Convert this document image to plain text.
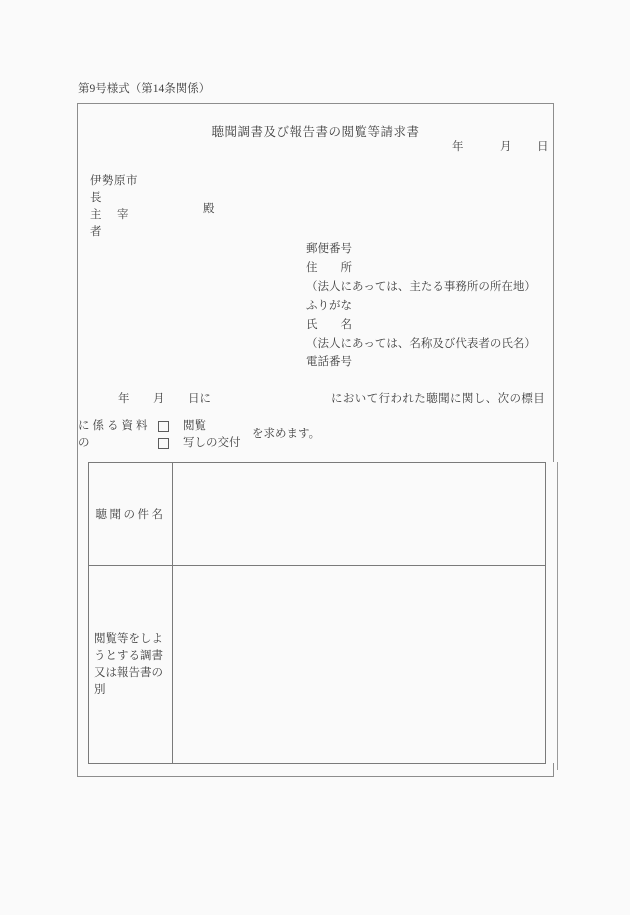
第9号様式（第14条関係）
聴聞調書及び報告書の閲覧等請求書
年	月 日
伊勢原市
長
主　宰
者
殿
郵便番号
住　　所
（法人にあっては、主たる事務所の所在地）
ふりがな
氏　　名
（法人にあっては、名称及び代表者の氏名）
電話番号
年 月 日に	において行われた聴聞に関し、次の標目
に係る資料
の
閲覧
写しの交付
を求めます。
聴聞の件名
閲覧等をしよ
うとする調書
又は報告書の
別
